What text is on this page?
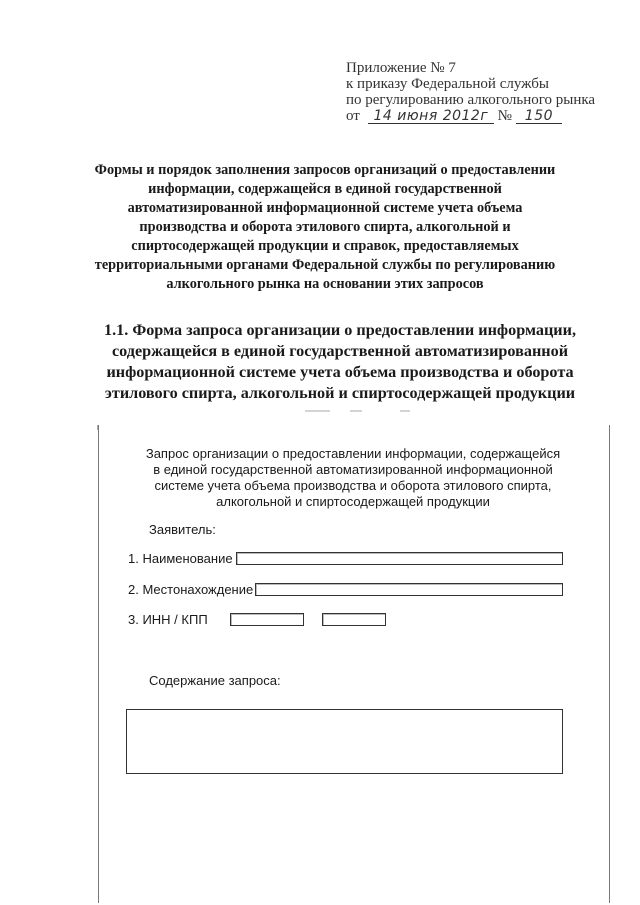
Приложение № 7
к приказу Федеральной службы
по регулированию алкогольного рынка
от 14 июня 2012г № 150
Формы и порядок заполнения запросов организаций о предоставлении
информации, содержащейся в единой государственной
автоматизированной информационной системе учета объема
производства и оборота этилового спирта, алкогольной и
спиртосодержащей продукции и справок, предоставляемых
территориальными органами Федеральной службы по регулированию
алкогольного рынка на основании этих запросов
1.1. Форма запроса организации о предоставлении информации,
содержащейся в единой государственной автоматизированной
информационной системе учета объема производства и оборота
этилового спирта, алкогольной и спиртосодержащей продукции
Запрос организации о предоставлении информации, содержащейся
в единой государственной автоматизированной информационной
системе учета объема производства и оборота этилового спирта,
алкогольной и спиртосодержащей продукции
Заявитель:
1. Наименование
2. Местонахождение
3. ИНН / КПП
Содержание запроса:
